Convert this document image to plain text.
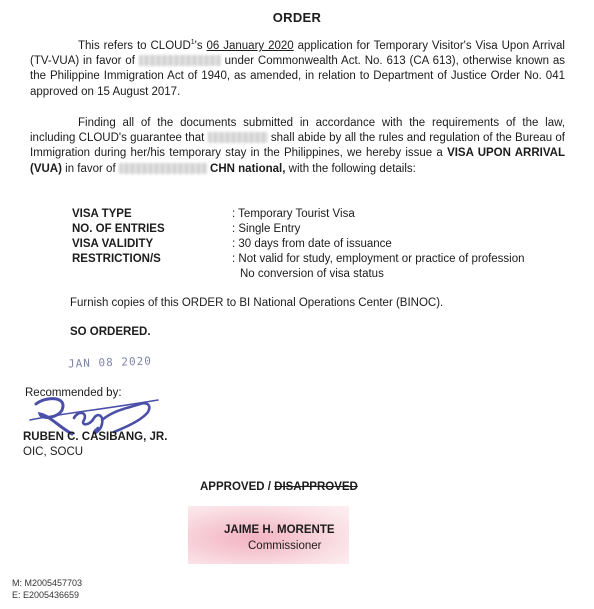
ORDER
This refers to CLOUD$^1$'s 06 January 2020 application for Temporary Visitor's Visa Upon Arrival (TV-VUA) in favor of	under Commonwealth Act. No. 613 (CA 613), otherwise known as the Philippine Immigration Act of 1940, as amended, in relation to Department of Justice Order No. 041 approved on 15 August 2017.
Finding all of the documents submitted in accordance with the requirements of the law, including CLOUD's guarantee that	shall abide by all the rules and regulation of the Bureau of Immigration during her/his temporary stay in the Philippines, we hereby issue a VISA UPON ARRIVAL (VUA) in favor of	CHN national, with the following details:
VISA TYPE	: Temporary Tourist Visa
NO. OF ENTRIES	: Single Entry
VISA VALIDITY	: 30 days from date of issuance
RESTRICTION/S	: Not valid for study, employment or practice of profession
No conversion of visa status
Furnish copies of this ORDER to BI National Operations Center (BINOC).
SO ORDERED.
JAN 08 2020
Recommended by:
RUBEN C. CASIBANG, JR.
OIC, SOCU
APPROVED / DISAPPROVED
JAIME H. MORENTE
Commissioner
M: M2005457703
E: E2005436659
